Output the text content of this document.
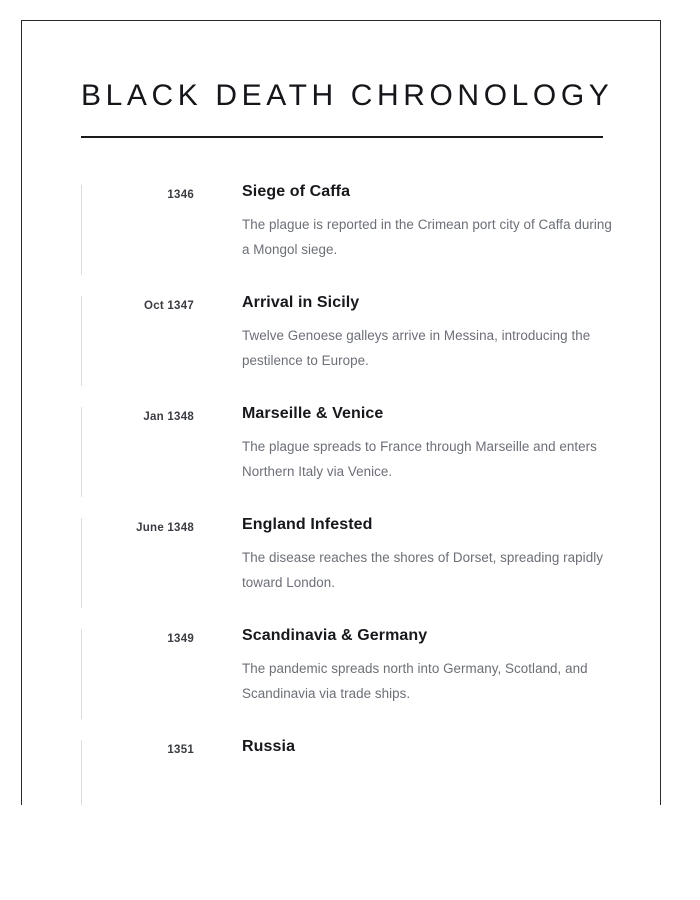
BLACK DEATH CHRONOLOGY
1346	Siege of Caffa

The plague is reported in the Crimean port city of Caffa during a Mongol siege.

Oct 1347	Arrival in Sicily

Twelve Genoese galleys arrive in Messina, introducing the pestilence to Europe.

Jan 1348	Marseille & Venice

The plague spreads to France through Marseille and enters Northern Italy via Venice.

June 1348	England Infested

The disease reaches the shores of Dorset, spreading rapidly toward London.

1349	Scandinavia & Germany

The pandemic spreads north into Germany, Scotland, and Scandinavia via trade ships.

1351	Russia
